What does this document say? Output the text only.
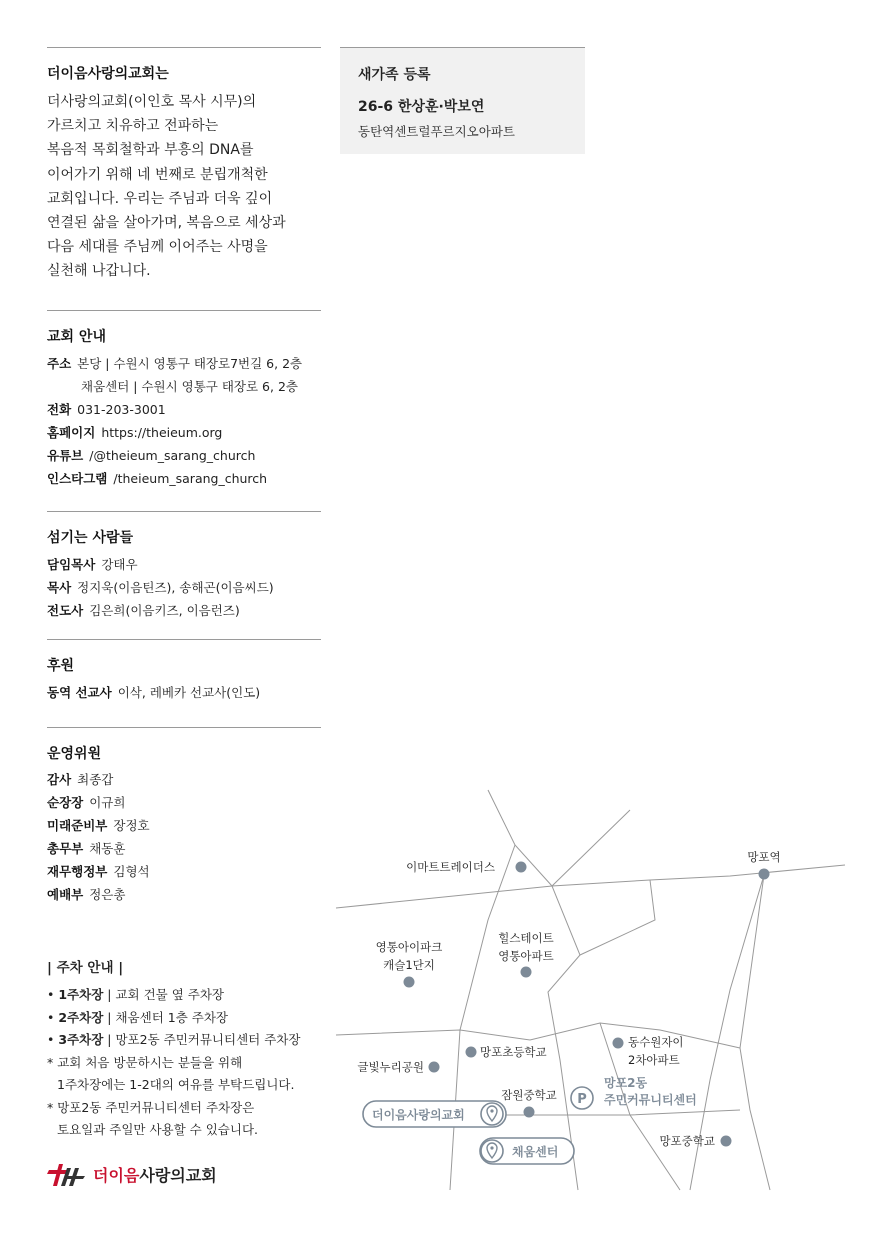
더이음사랑의교회는
더사랑의교회(이인호 목사 시무)의
가르치고 치유하고 전파하는
복음적 목회철학과 부흥의 DNA를
이어가기 위해 네 번째로 분립개척한
교회입니다. 우리는 주님과 더욱 깊이
연결된 삶을 살아가며, 복음으로 세상과
다음 세대를 주님께 이어주는 사명을
실천해 나갑니다.
교회 안내
주소 본당 | 수원시 영통구 태장로7번길 6, 2층
채움센터 | 수원시 영통구 태장로 6, 2층
전화 031-203-3001
홈페이지 https://theieum.org
유튜브 /@theieum_sarang_church
인스타그램 /theieum_sarang_church
섬기는 사람들
담임목사 강태우
목사 정지욱(이음틴즈), 송해곤(이음씨드)
전도사 김은희(이음키즈, 이음런즈)
후원
동역 선교사 이삭, 레베카 선교사(인도)
운영위원
감사 최종갑
순장장 이규희
미래준비부 장정호
총무부 채동훈
재무행정부 김형석
예배부 정은총
| 주차 안내 |
• 1주차장 | 교회 건물 옆 주차장
• 2주차장 | 채움센터 1층 주차장
• 3주차장 | 망포2동 주민커뮤니티센터 주차장
* 교회 처음 방문하시는 분들을 위해
1주차장에는 1-2대의 여유를 부탁드립니다.
* 망포2동 주민커뮤니티센터 주차장은
토요일과 주일만 사용할 수 있습니다.
더이음사랑의교회
새가족 등록
26-6 한상훈·박보연
동탄역센트럴푸르지오아파트
이마트트레이더스
망포역
영통아이파크
캐슬1단지
힐스테이트
영통아파트
망포초등학교
동수원자이
2차아파트
글빛누리공원
잠원중학교
망포중학교
P
망포2동
주민커뮤니티센터
더이음사랑의교회
채움센터
